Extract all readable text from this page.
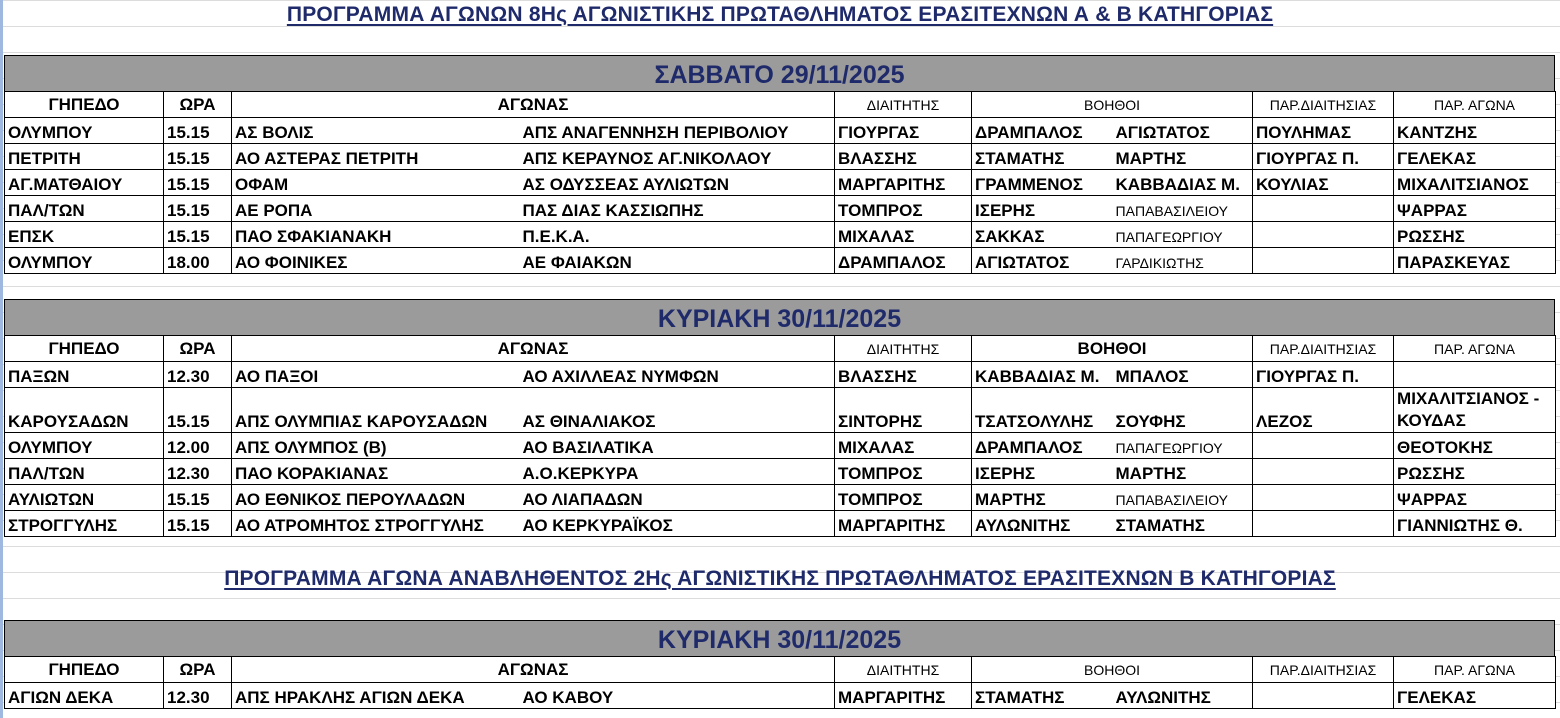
ΠΡΟΓΡΑΜΜΑ ΑΓΩΝΩΝ 8Ης ΑΓΩΝΙΣΤΙΚΗΣ ΠΡΩΤΑΘΛΗΜΑΤΟΣ ΕΡΑΣΙΤΕΧΝΩΝ Α & Β ΚΑΤΗΓΟΡΙΑΣ
ΣΑΒΒΑΤΟ 29/11/2025
ΓΗΠΕΔΟ	ΩΡΑ	ΑΓΩΝΑΣ		ΔΙΑΙΤΗΤΗΣ	ΒΟΗΘΟΙ		ΠΑΡ.ΔΙΑΙΤΗΣΙΑΣ	ΠΑΡ. ΑΓΩΝΑ
ΟΛΥΜΠΟΥ	15.15	ΑΣ ΒΟΛΙΣ	ΑΠΣ ΑΝΑΓΕΝΝΗΣΗ ΠΕΡΙΒΟΛΙΟΥ	ΓΙΟΥΡΓΑΣ	ΔΡΑΜΠΑΛΟΣ	ΑΓΙΩΤΑΤΟΣ	ΠΟΥΛΗΜΑΣ	ΚΑΝΤΖΗΣ
ΠΕΤΡΙΤΗ	15.15	ΑΟ ΑΣΤΕΡΑΣ ΠΕΤΡΙΤΗ	ΑΠΣ ΚΕΡΑΥΝΟΣ ΑΓ.ΝΙΚΟΛΑΟΥ	ΒΛΑΣΣΗΣ	ΣΤΑΜΑΤΗΣ	ΜΑΡΤΗΣ	ΓΙΟΥΡΓΑΣ Π.	ΓΕΛΕΚΑΣ
ΑΓ.ΜΑΤΘΑΙΟΥ	15.15	ΟΦΑΜ	ΑΣ ΟΔΥΣΣΕΑΣ ΑΥΛΙΩΤΩΝ	ΜΑΡΓΑΡΙΤΗΣ	ΓΡΑΜΜΕΝΟΣ	ΚΑΒΒΑΔΙΑΣ Μ.	ΚΟΥΛΙΑΣ	ΜΙΧΑΛΙΤΣΙΑΝΟΣ
ΠΑΛ/ΤΩΝ	15.15	ΑΕ ΡΟΠΑ	ΠΑΣ ΔΙΑΣ ΚΑΣΣΙΩΠΗΣ	ΤΟΜΠΡΟΣ	ΙΣΕΡΗΣ	ΠΑΠΑΒΑΣΙΛΕΙΟΥ		ΨΑΡΡΑΣ
ΕΠΣΚ	15.15	ΠΑΟ ΣΦΑΚΙΑΝΑΚΗ	Π.Ε.Κ.Α.	ΜΙΧΑΛΑΣ	ΣΑΚΚΑΣ	ΠΑΠΑΓΕΩΡΓΙΟΥ		ΡΩΣΣΗΣ
ΟΛΥΜΠΟΥ	18.00	ΑΟ ΦΟΙΝΙΚΕΣ	ΑΕ ΦΑΙΑΚΩΝ	ΔΡΑΜΠΑΛΟΣ	ΑΓΙΩΤΑΤΟΣ	ΓΑΡΔΙΚΙΩΤΗΣ		ΠΑΡΑΣΚΕΥΑΣ
ΚΥΡΙΑΚΗ 30/11/2025
ΓΗΠΕΔΟ	ΩΡΑ	ΑΓΩΝΑΣ		ΔΙΑΙΤΗΤΗΣ	ΒΟΗΘΟΙ		ΠΑΡ.ΔΙΑΙΤΗΣΙΑΣ	ΠΑΡ. ΑΓΩΝΑ
ΠΑΞΩΝ	12.30	ΑΟ ΠΑΞΟΙ	ΑΟ ΑΧΙΛΛΕΑΣ ΝΥΜΦΩΝ	ΒΛΑΣΣΗΣ	ΚΑΒΒΑΔΙΑΣ Μ.	ΜΠΑΛΟΣ	ΓΙΟΥΡΓΑΣ Π.	
ΚΑΡΟΥΣΑΔΩΝ	15.15	ΑΠΣ ΟΛΥΜΠΙΑΣ ΚΑΡΟΥΣΑΔΩΝ	ΑΣ ΘΙΝΑΛΙΑΚΟΣ	ΣΙΝΤΟΡΗΣ	ΤΣΑΤΣΟΛΥΛΗΣ	ΣΟΥΦΗΣ	ΛΕΖΟΣ	ΜΙΧΑΛΙΤΣΙΑΝΟΣ - ΚΟΥΔΑΣ
ΟΛΥΜΠΟΥ	12.00	ΑΠΣ ΟΛΥΜΠΟΣ (Β)	ΑΟ ΒΑΣΙΛΑΤΙΚΑ	ΜΙΧΑΛΑΣ	ΔΡΑΜΠΑΛΟΣ	ΠΑΠΑΓΕΩΡΓΙΟΥ		ΘΕΟΤΟΚΗΣ
ΠΑΛ/ΤΩΝ	12.30	ΠΑΟ ΚΟΡΑΚΙΑΝΑΣ	Α.Ο.ΚΕΡΚΥΡΑ	ΤΟΜΠΡΟΣ	ΙΣΕΡΗΣ	ΜΑΡΤΗΣ		ΡΩΣΣΗΣ
ΑΥΛΙΩΤΩΝ	15.15	ΑΟ ΕΘΝΙΚΟΣ ΠΕΡΟΥΛΑΔΩΝ	ΑΟ ΛΙΑΠΑΔΩΝ	ΤΟΜΠΡΟΣ	ΜΑΡΤΗΣ	ΠΑΠΑΒΑΣΙΛΕΙΟΥ		ΨΑΡΡΑΣ
ΣΤΡΟΓΓΥΛΗΣ	15.15	ΑΟ ΑΤΡΟΜΗΤΟΣ ΣΤΡΟΓΓΥΛΗΣ	ΑΟ ΚΕΡΚΥΡΑΪΚΟΣ	ΜΑΡΓΑΡΙΤΗΣ	ΑΥΛΩΝΙΤΗΣ	ΣΤΑΜΑΤΗΣ		ΓΙΑΝΝΙΩΤΗΣ Θ.
ΠΡΟΓΡΑΜΜΑ ΑΓΩΝΑ ΑΝΑΒΛΗΘΕΝΤΟΣ 2Ης ΑΓΩΝΙΣΤΙΚΗΣ ΠΡΩΤΑΘΛΗΜΑΤΟΣ ΕΡΑΣΙΤΕΧΝΩΝ Β ΚΑΤΗΓΟΡΙΑΣ
ΚΥΡΙΑΚΗ 30/11/2025
ΓΗΠΕΔΟ	ΩΡΑ	ΑΓΩΝΑΣ		ΔΙΑΙΤΗΤΗΣ	ΒΟΗΘΟΙ		ΠΑΡ.ΔΙΑΙΤΗΣΙΑΣ	ΠΑΡ. ΑΓΩΝΑ
ΑΓΙΩΝ ΔΕΚΑ	12.30	ΑΠΣ ΗΡΑΚΛΗΣ ΑΓΙΩΝ ΔΕΚΑ	ΑΟ ΚΑΒΟΥ	ΜΑΡΓΑΡΙΤΗΣ	ΣΤΑΜΑΤΗΣ	ΑΥΛΩΝΙΤΗΣ		ΓΕΛΕΚΑΣ
